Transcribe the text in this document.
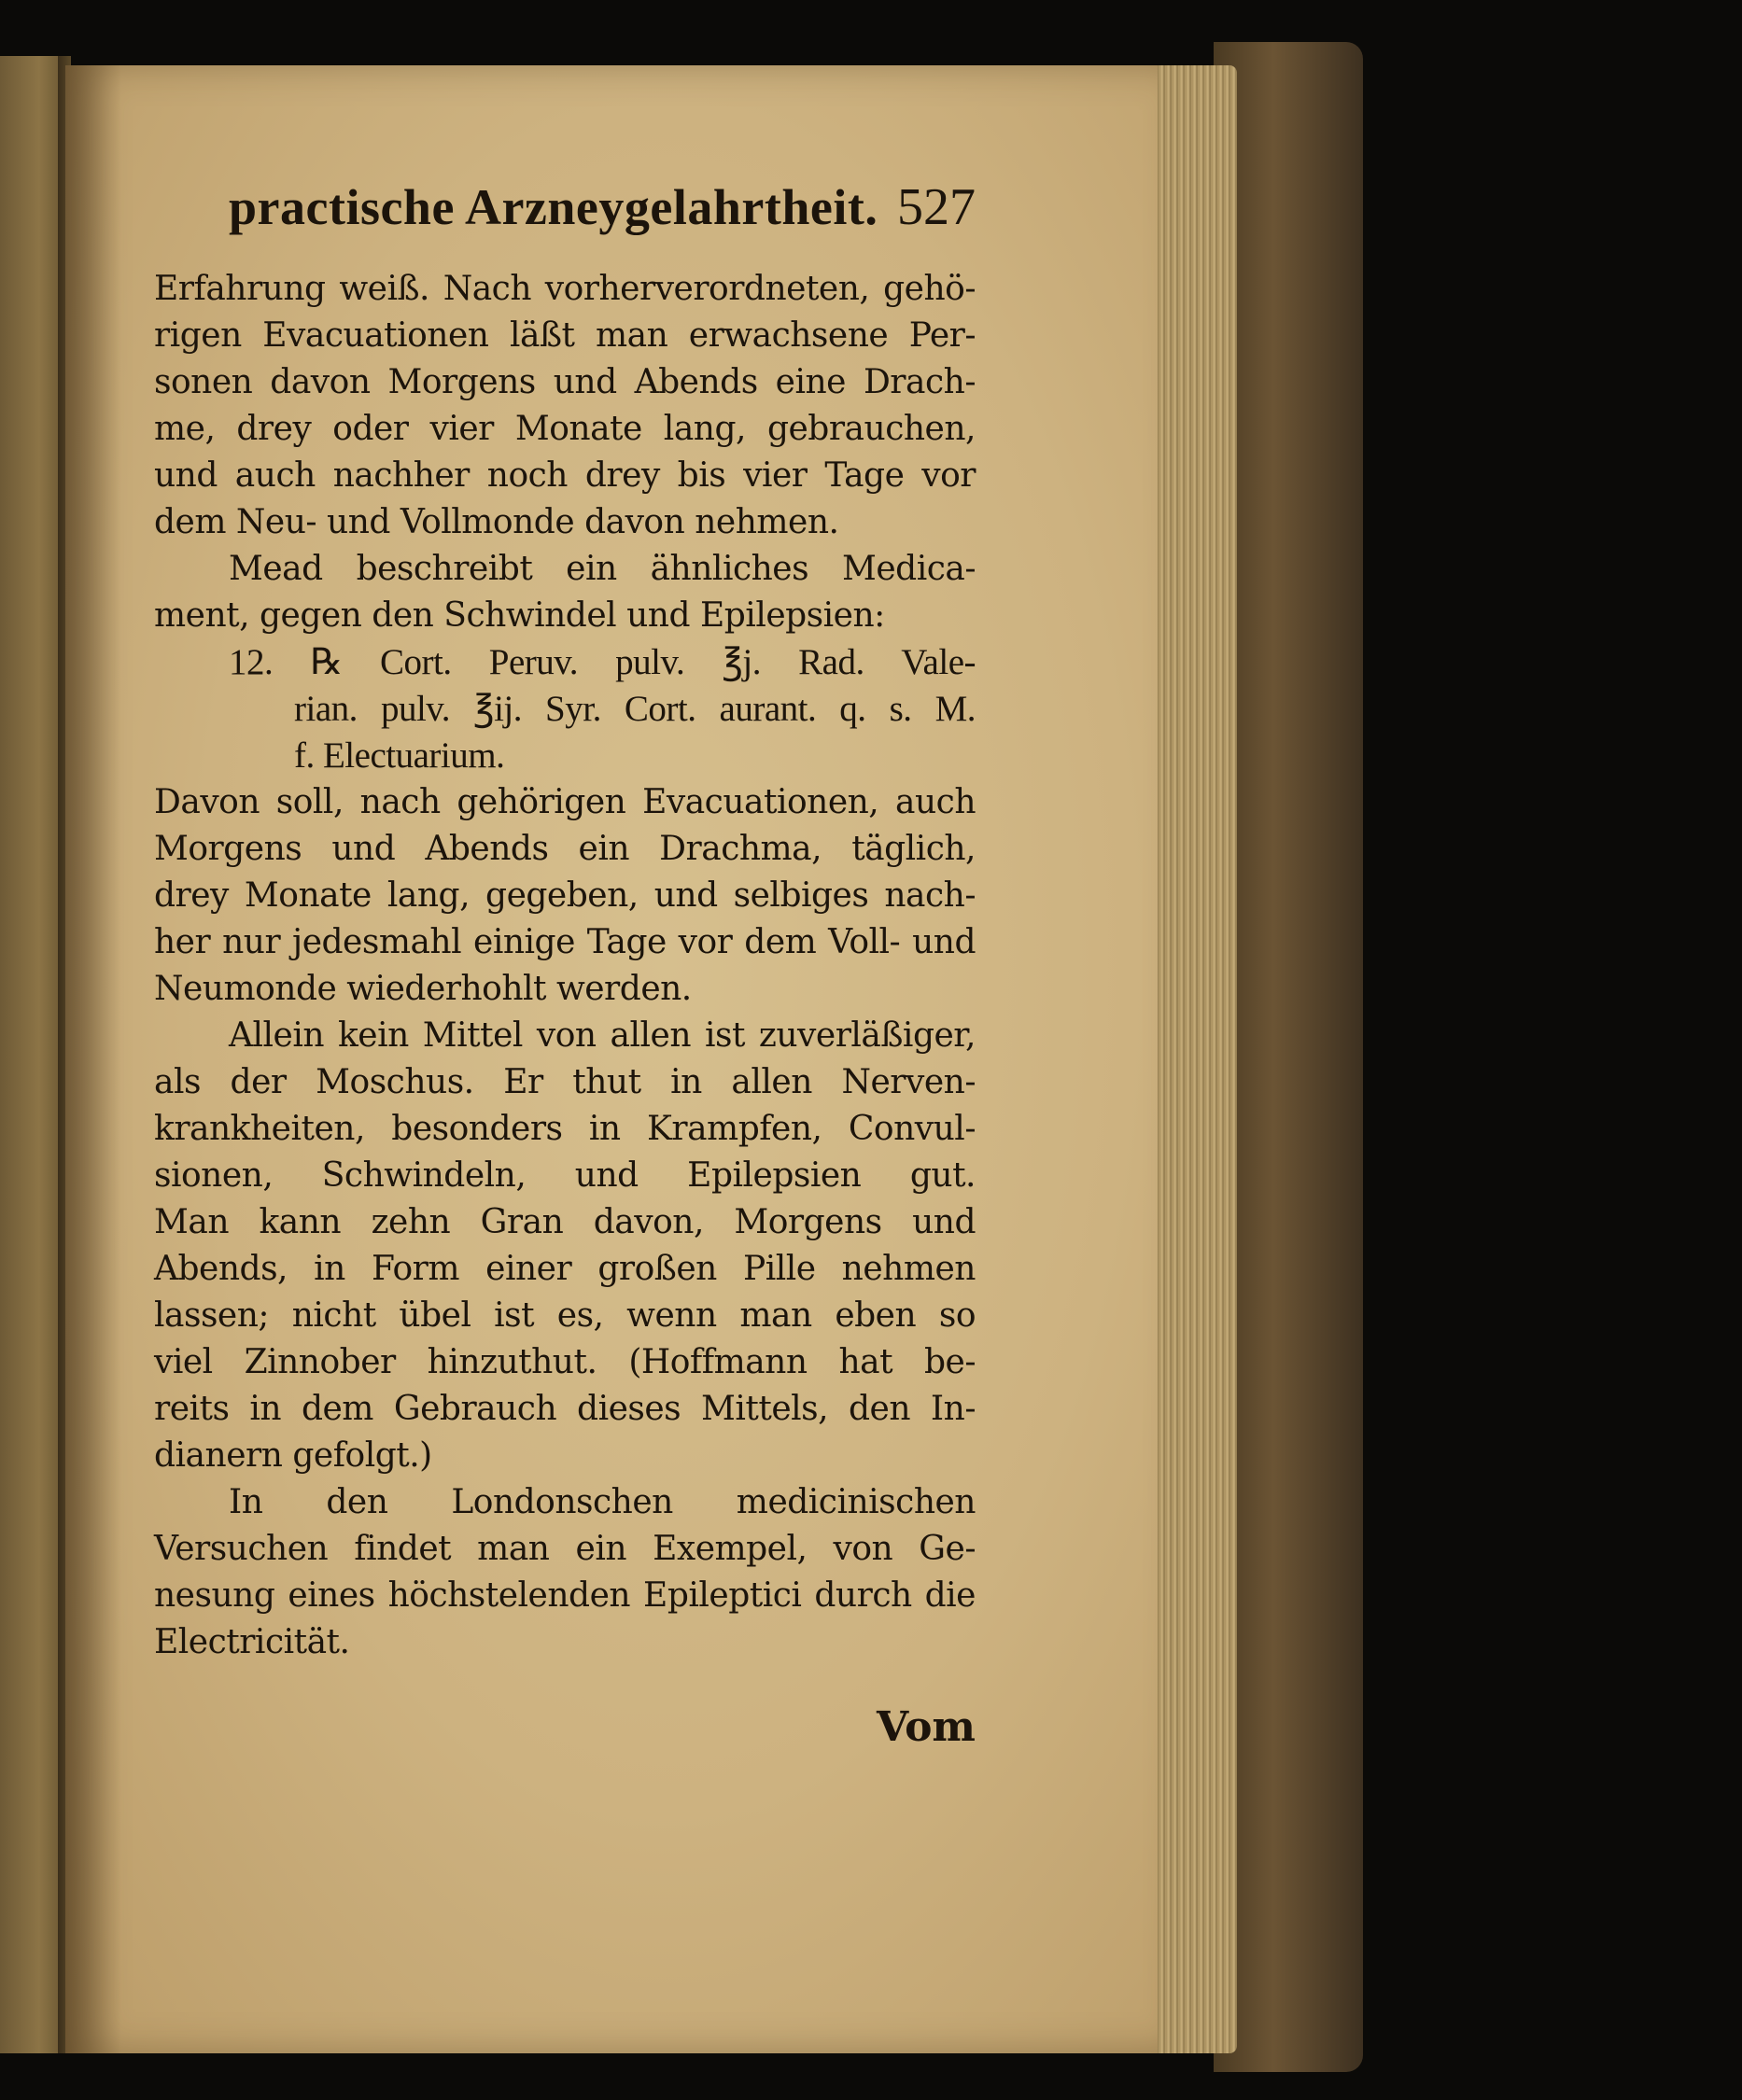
practische Arzneygelahrtheit. 527
Erfahrung weiß. Nach vorherverordneten, gehö-
rigen Evacuationen läßt man erwachsene Per-
sonen davon Morgens und Abends eine Drach-
me, drey oder vier Monate lang, gebrauchen,
und auch nachher noch drey bis vier Tage vor
dem Neu- und Vollmonde davon nehmen.
Mead beschreibt ein ähnliches Medica-
ment, gegen den Schwindel und Epilepsien:
12. ℞ Cort. Peruv. pulv. ℥j. Rad. Vale-
rian. pulv. ℥ij. Syr. Cort. aurant. q. s. M.
f. Electuarium.
Davon soll, nach gehörigen Evacuationen, auch
Morgens und Abends ein Drachma, täglich,
drey Monate lang, gegeben, und selbiges nach-
her nur jedesmahl einige Tage vor dem Voll- und
Neumonde wiederhohlt werden.
Allein kein Mittel von allen ist zuverläßiger,
als der Moschus. Er thut in allen Nerven-
krankheiten, besonders in Krampfen, Convul-
sionen, Schwindeln, und Epilepsien gut.
Man kann zehn Gran davon, Morgens und
Abends, in Form einer großen Pille nehmen
lassen; nicht übel ist es, wenn man eben so
viel Zinnober hinzuthut. (Hoffmann hat be-
reits in dem Gebrauch dieses Mittels, den In-
dianern gefolgt.)
In den Londonschen medicinischen
Versuchen findet man ein Exempel, von Ge-
nesung eines höchstelenden Epileptici durch die
Electricität.
Vom
